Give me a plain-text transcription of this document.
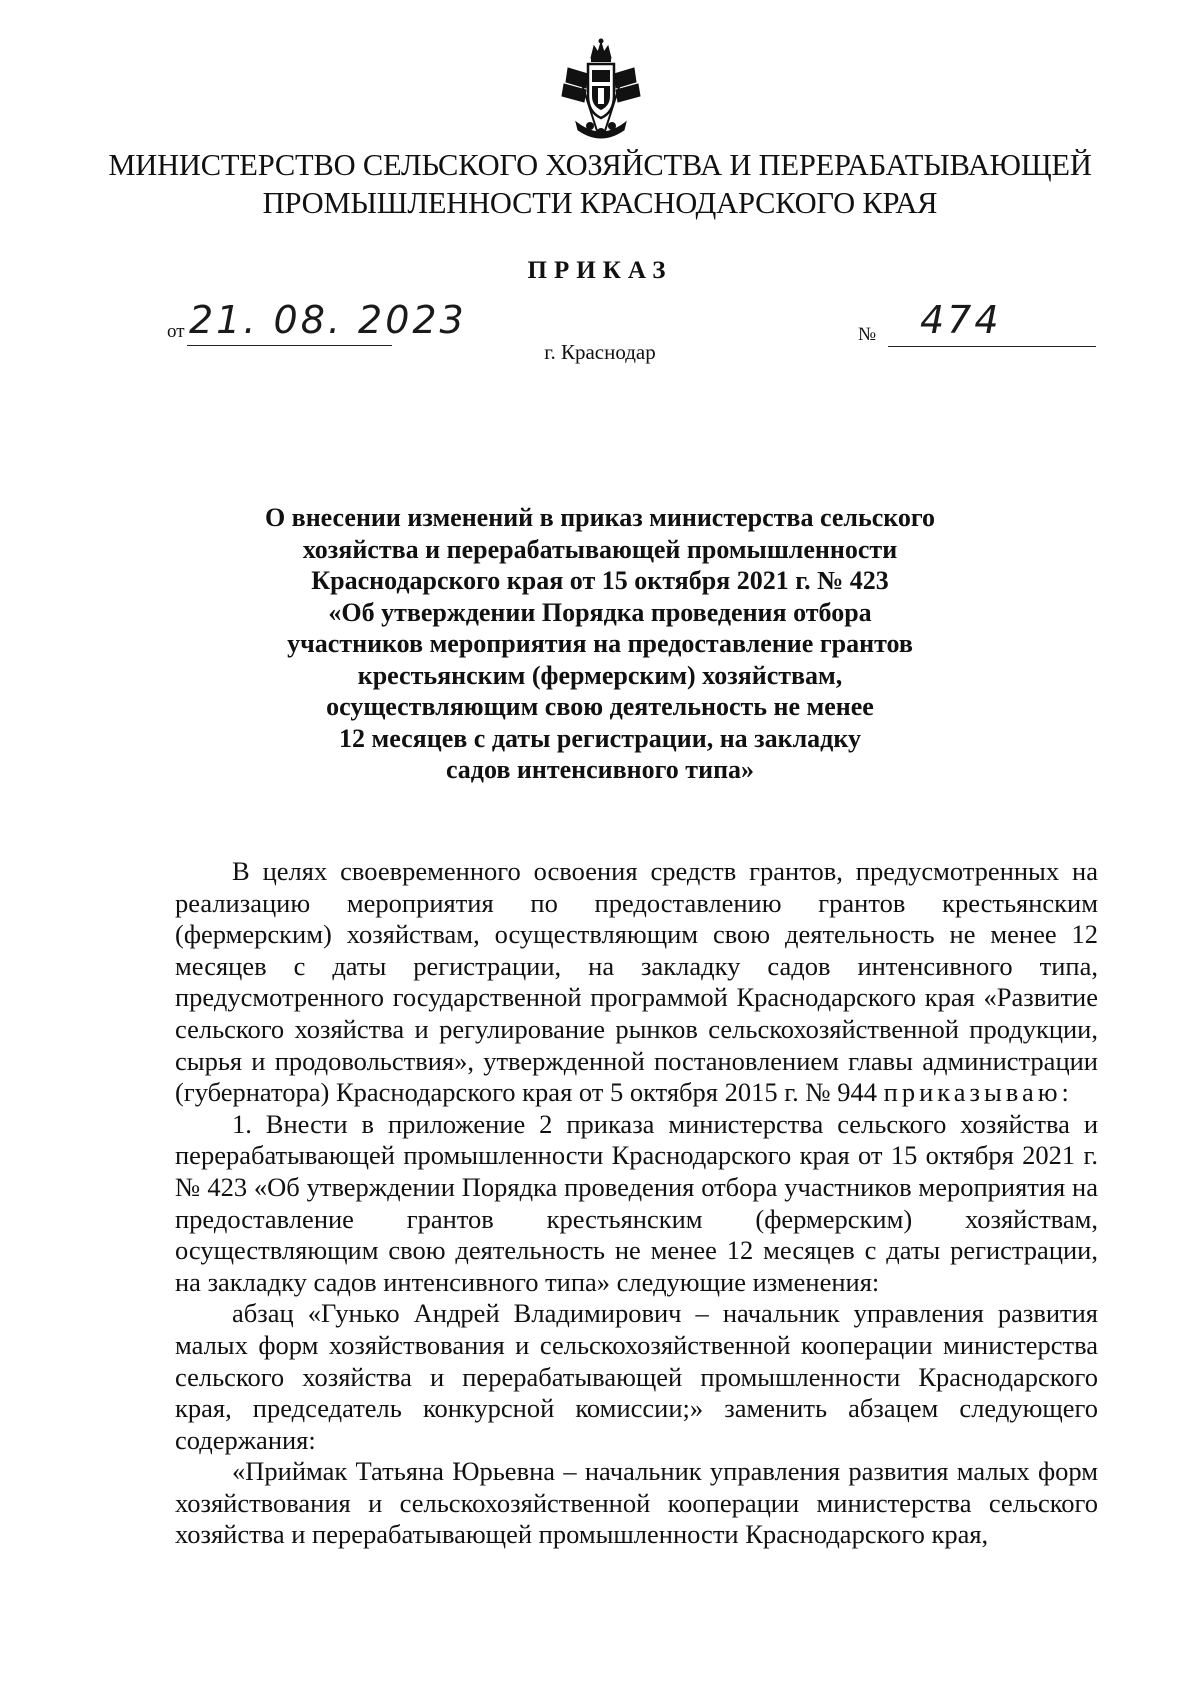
МИНИСТЕРСТВО СЕЛЬСКОГО ХОЗЯЙСТВА И ПЕРЕРАБАТЫВАЮЩЕЙ
ПРОМЫШЛЕННОСТИ КРАСНОДАРСКОГО КРАЯ
ПРИКАЗ
от 21. 08. 2023	№ 474
г. Краснодар
О внесении изменений в приказ министерства сельского
хозяйства и перерабатывающей промышленности
Краснодарского края от 15 октября 2021 г. № 423
«Об утверждении Порядка проведения отбора
участников мероприятия на предоставление грантов
крестьянским (фермерским) хозяйствам,
осуществляющим свою деятельность не менее
12 месяцев с даты регистрации, на закладку
садов интенсивного типа»

В целях своевременного освоения средств грантов, предусмотренных на реализацию мероприятия по предоставлению грантов крестьянским (фермерским) хозяйствам, осуществляющим свою деятельность не менее 12 месяцев с даты регистрации, на закладку садов интенсивного типа, предусмотренного государственной программой Краснодарского края «Развитие сельского хозяйства и регулирование рынков сельскохозяйственной продукции, сырья и продовольствия», утвержденной постановлением главы администрации (губернатора) Краснодарского края от 5 октября 2015 г. № 944 приказываю:

1. Внести в приложение 2 приказа министерства сельского хозяйства и перерабатывающей промышленности Краснодарского края от 15 октября 2021 г. № 423 «Об утверждении Порядка проведения отбора участников мероприятия на предоставление грантов крестьянским (фермерским) хозяйствам, осуществляющим свою деятельность не менее 12 месяцев с даты регистрации, на закладку садов интенсивного типа» следующие изменения:

абзац «Гунько Андрей Владимирович – начальник управления развития малых форм хозяйствования и сельскохозяйственной кооперации министерства сельского хозяйства и перерабатывающей промышленности Краснодарского края, председатель конкурсной комиссии;» заменить абзацем следующего содержания:

«Приймак Татьяна Юрьевна – начальник управления развития малых форм хозяйствования и сельскохозяйственной кооперации министерства сельского хозяйства и перерабатывающей промышленности Краснодарского края,
